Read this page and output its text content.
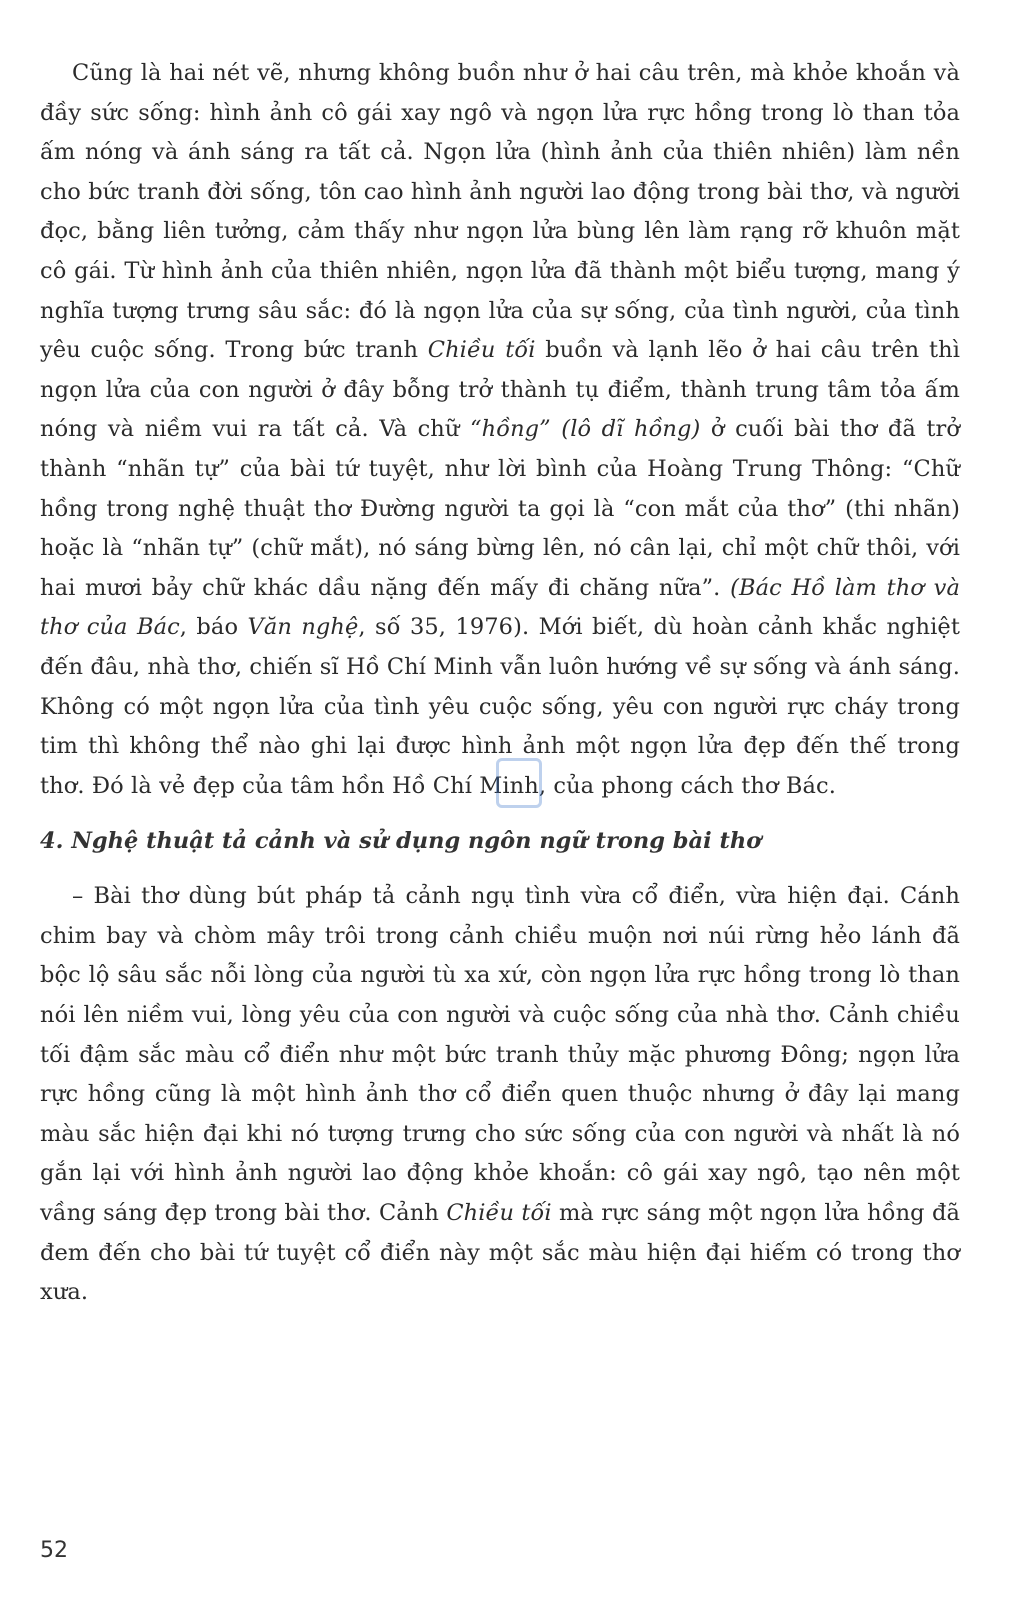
Cũng là hai nét vẽ, nhưng không buồn như ở hai câu trên, mà khỏe khoắn và đầy sức sống: hình ảnh cô gái xay ngô và ngọn lửa rực hồng trong lò than tỏa ấm nóng và ánh sáng ra tất cả. Ngọn lửa (hình ảnh của thiên nhiên) làm nền cho bức tranh đời sống, tôn cao hình ảnh người lao động trong bài thơ, và người đọc, bằng liên tưởng, cảm thấy như ngọn lửa bùng lên làm rạng rỡ khuôn mặt cô gái. Từ hình ảnh của thiên nhiên, ngọn lửa đã thành một biểu tượng, mang ý nghĩa tượng trưng sâu sắc: đó là ngọn lửa của sự sống, của tình người, của tình yêu cuộc sống. Trong bức tranh Chiều tối buồn và lạnh lẽo ở hai câu trên thì ngọn lửa của con người ở đây bỗng trở thành tụ điểm, thành trung tâm tỏa ấm nóng và niềm vui ra tất cả. Và chữ “hồng” (lô dĩ hồng) ở cuối bài thơ đã trở thành “nhãn tự” của bài tứ tuyệt, như lời bình của Hoàng Trung Thông: “Chữ hồng trong nghệ thuật thơ Đường người ta gọi là “con mắt của thơ” (thi nhãn) hoặc là “nhãn tự” (chữ mắt), nó sáng bừng lên, nó cân lại, chỉ một chữ thôi, với hai mươi bảy chữ khác dầu nặng đến mấy đi chăng nữa”. (Bác Hồ làm thơ và thơ của Bác, báo Văn nghệ, số 35, 1976). Mới biết, dù hoàn cảnh khắc nghiệt đến đâu, nhà thơ, chiến sĩ Hồ Chí Minh vẫn luôn hướng về sự sống và ánh sáng. Không có một ngọn lửa của tình yêu cuộc sống, yêu con người rực cháy trong tim thì không thể nào ghi lại được hình ảnh một ngọn lửa đẹp đến thế trong thơ. Đó là vẻ đẹp của tâm hồn Hồ Chí Minh, của phong cách thơ Bác.

4. Nghệ thuật tả cảnh và sử dụng ngôn ngữ trong bài thơ

– Bài thơ dùng bút pháp tả cảnh ngụ tình vừa cổ điển, vừa hiện đại. Cánh chim bay và chòm mây trôi trong cảnh chiều muộn nơi núi rừng hẻo lánh đã bộc lộ sâu sắc nỗi lòng của người tù xa xứ, còn ngọn lửa rực hồng trong lò than nói lên niềm vui, lòng yêu của con người và cuộc sống của nhà thơ. Cảnh chiều tối đậm sắc màu cổ điển như một bức tranh thủy mặc phương Đông; ngọn lửa rực hồng cũng là một hình ảnh thơ cổ điển quen thuộc nhưng ở đây lại mang màu sắc hiện đại khi nó tượng trưng cho sức sống của con người và nhất là nó gắn lại với hình ảnh người lao động khỏe khoắn: cô gái xay ngô, tạo nên một vầng sáng đẹp trong bài thơ. Cảnh Chiều tối mà rực sáng một ngọn lửa hồng đã đem đến cho bài tứ tuyệt cổ điển này một sắc màu hiện đại hiếm có trong thơ xưa.

52
